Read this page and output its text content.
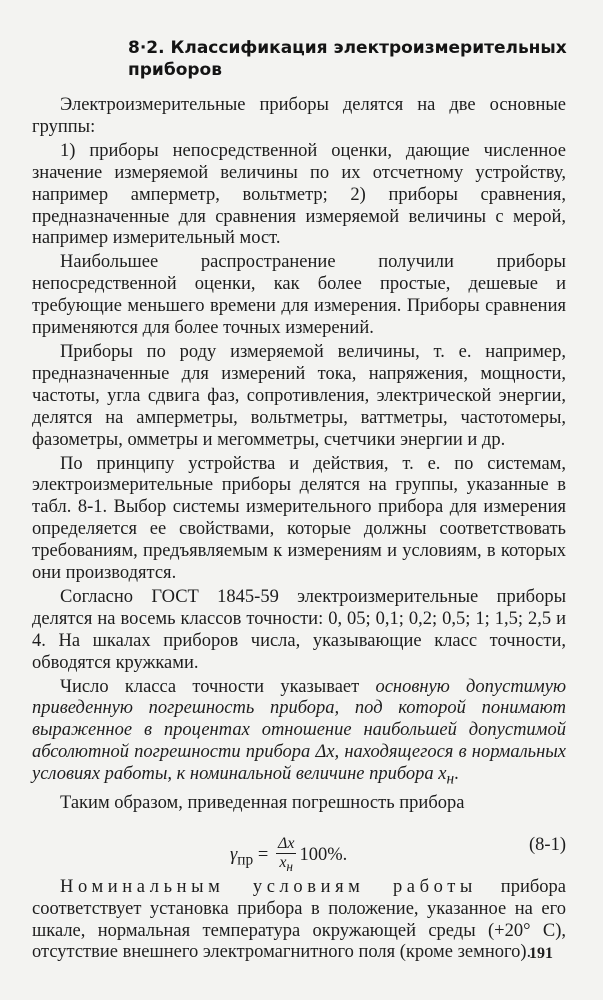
8·2. Классификация электроизмерительных
приборов

Электроизмерительные приборы делятся на две основные группы:

1) приборы непосредственной оценки, дающие численное значение измеряемой величины по их отсчетному устройству, например амперметр, вольтметр; 2) приборы сравнения, предназначенные для сравнения измеряемой величины с мерой, например измерительный мост.

Наибольшее распространение получили приборы непосредственной оценки, как более простые, дешевые и требующие меньшего времени для измерения. Приборы сравнения применяются для более точных измерений.

Приборы по роду измеряемой величины, т. е. например, предназначенные для измерений тока, напряжения, мощности, частоты, угла сдвига фаз, сопротивления, электрической энергии, делятся на амперметры, вольтметры, ваттметры, частотомеры, фазометры, омметры и мегомметры, счетчики энергии и др.

По принципу устройства и действия, т. е. по системам, электроизмерительные приборы делятся на группы, указанные в табл. 8-1. Выбор системы измерительного прибора для измерения определяется ее свойствами, которые должны соответствовать требованиям, предъявляемым к измерениям и условиям, в которых они производятся.

Согласно ГОСТ 1845-59 электроизмерительные приборы делятся на восемь классов точности: 0, 05; 0,1; 0,2; 0,5; 1; 1,5; 2,5 и 4. На шкалах приборов числа, указывающие класс точности, обводятся кружками.

Число класса точности указывает основную допустимую приведенную погрешность прибора, под которой понимают выраженное в процентах отношение наибольшей допустимой абсолютной погрешности прибора Δx, находящегося в нормальных условиях работы, к номинальной величине прибора $x_н$.

Таким образом, приведенная погрешность прибора

$\gamma_{пр} = \frac{\Delta x}{x_н} 100\%$.	(8-1)

Номинальным условиям работы прибора соответствует установка прибора в положение, указанное на его шкале, нормальная температура окружающей среды (+20° С), отсутствие внешнего электромагнитного поля (кроме земного).

191
